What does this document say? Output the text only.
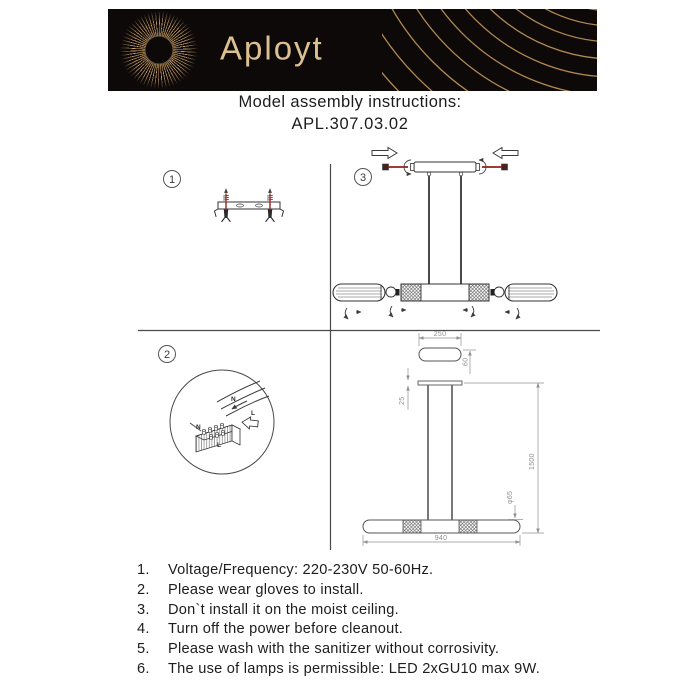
Aployt
Model assembly instructions:
APL.307.03.02
1	3
2
N
L
N
L
250
60
25
940
1500
φ65
1.	Voltage/Frequency: 220-230V 50-60Hz.
2.	Please wear gloves to install.
3.	Don`t install it on the moist ceiling.
4.	Turn off the power before cleanout.
5.	Please wash with the sanitizer without corrosivity.
6.	The use of lamps is permissible: LED 2xGU10 max 9W.
